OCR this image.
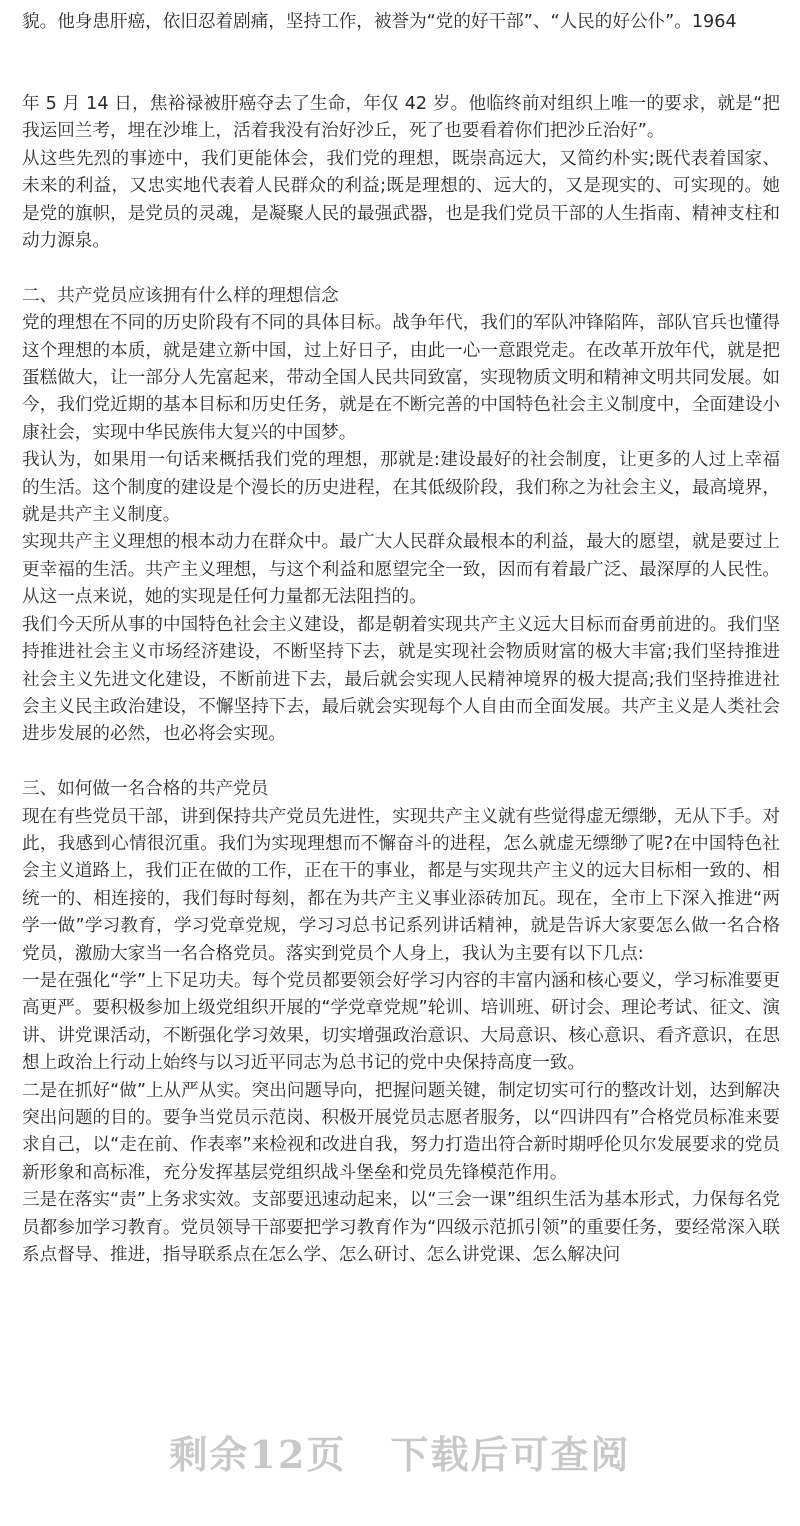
貌。他身患肝癌，依旧忍着剧痛，坚持工作，被誉为“党的好干部”、“人民的好公仆”。1964

年 5 月 14 日，焦裕禄被肝癌夺去了生命，年仅 42 岁。他临终前对组织上唯一的要求，就是“把我运回兰考，埋在沙堆上，活着我没有治好沙丘，死了也要看着你们把沙丘治好”。

从这些先烈的事迹中，我们更能体会，我们党的理想，既崇高远大，又简约朴实;既代表着国家、未来的利益，又忠实地代表着人民群众的利益;既是理想的、远大的，又是现实的、可实现的。她是党的旗帜，是党员的灵魂，是凝聚人民的最强武器，也是我们党员干部的人生指南、精神支柱和动力源泉。

二、共产党员应该拥有什么样的理想信念

党的理想在不同的历史阶段有不同的具体目标。战争年代，我们的军队冲锋陷阵，部队官兵也懂得这个理想的本质，就是建立新中国，过上好日子，由此一心一意跟党走。在改革开放年代，就是把蛋糕做大，让一部分人先富起来，带动全国人民共同致富，实现物质文明和精神文明共同发展。如今，我们党近期的基本目标和历史任务，就是在不断完善的中国特色社会主义制度中，全面建设小康社会，实现中华民族伟大复兴的中国梦。

我认为，如果用一句话来概括我们党的理想，那就是:建设最好的社会制度，让更多的人过上幸福的生活。这个制度的建设是个漫长的历史进程，在其低级阶段，我们称之为社会主义，最高境界，就是共产主义制度。

实现共产主义理想的根本动力在群众中。最广大人民群众最根本的利益，最大的愿望，就是要过上更幸福的生活。共产主义理想，与这个利益和愿望完全一致，因而有着最广泛、最深厚的人民性。从这一点来说，她的实现是任何力量都无法阻挡的。

我们今天所从事的中国特色社会主义建设，都是朝着实现共产主义远大目标而奋勇前进的。我们坚持推进社会主义市场经济建设，不断坚持下去，就是实现社会物质财富的极大丰富;我们坚持推进社会主义先进文化建设，不断前进下去，最后就会实现人民精神境界的极大提高;我们坚持推进社会主义民主政治建设，不懈坚持下去，最后就会实现每个人自由而全面发展。共产主义是人类社会进步发展的必然，也必将会实现。

三、如何做一名合格的共产党员

现在有些党员干部，讲到保持共产党员先进性，实现共产主义就有些觉得虚无缥缈，无从下手。对此，我感到心情很沉重。我们为实现理想而不懈奋斗的进程，怎么就虚无缥缈了呢?在中国特色社会主义道路上，我们正在做的工作，正在干的事业，都是与实现共产主义的远大目标相一致的、相统一的、相连接的，我们每时每刻，都在为共产主义事业添砖加瓦。现在，全市上下深入推进“两学一做”学习教育，学习党章党规，学习习总书记系列讲话精神，就是告诉大家要怎么做一名合格党员，激励大家当一名合格党员。落实到党员个人身上，我认为主要有以下几点:

一是在强化“学”上下足功夫。每个党员都要领会好学习内容的丰富内涵和核心要义，学习标准要更高更严。要积极参加上级党组织开展的“学党章党规”轮训、培训班、研讨会、理论考试、征文、演讲、讲党课活动，不断强化学习效果，切实增强政治意识、大局意识、核心意识、看齐意识，在思想上政治上行动上始终与以习近平同志为总书记的党中央保持高度一致。

二是在抓好“做”上从严从实。突出问题导向，把握问题关键，制定切实可行的整改计划，达到解决突出问题的目的。要争当党员示范岗、积极开展党员志愿者服务，以“四讲四有”合格党员标准来要求自己，以“走在前、作表率”来检视和改进自我，努力打造出符合新时期呼伦贝尔发展要求的党员新形象和高标准，充分发挥基层党组织战斗堡垒和党员先锋模范作用。

三是在落实“责”上务求实效。支部要迅速动起来，以“三会一课”组织生活为基本形式，力保每名党员都参加学习教育。党员领导干部要把学习教育作为“四级示范抓引领”的重要任务，要经常深入联系点督导、推进，指导联系点在怎么学、怎么研讨、怎么讲党课、怎么解决问

剩余12页 下载后可查阅
